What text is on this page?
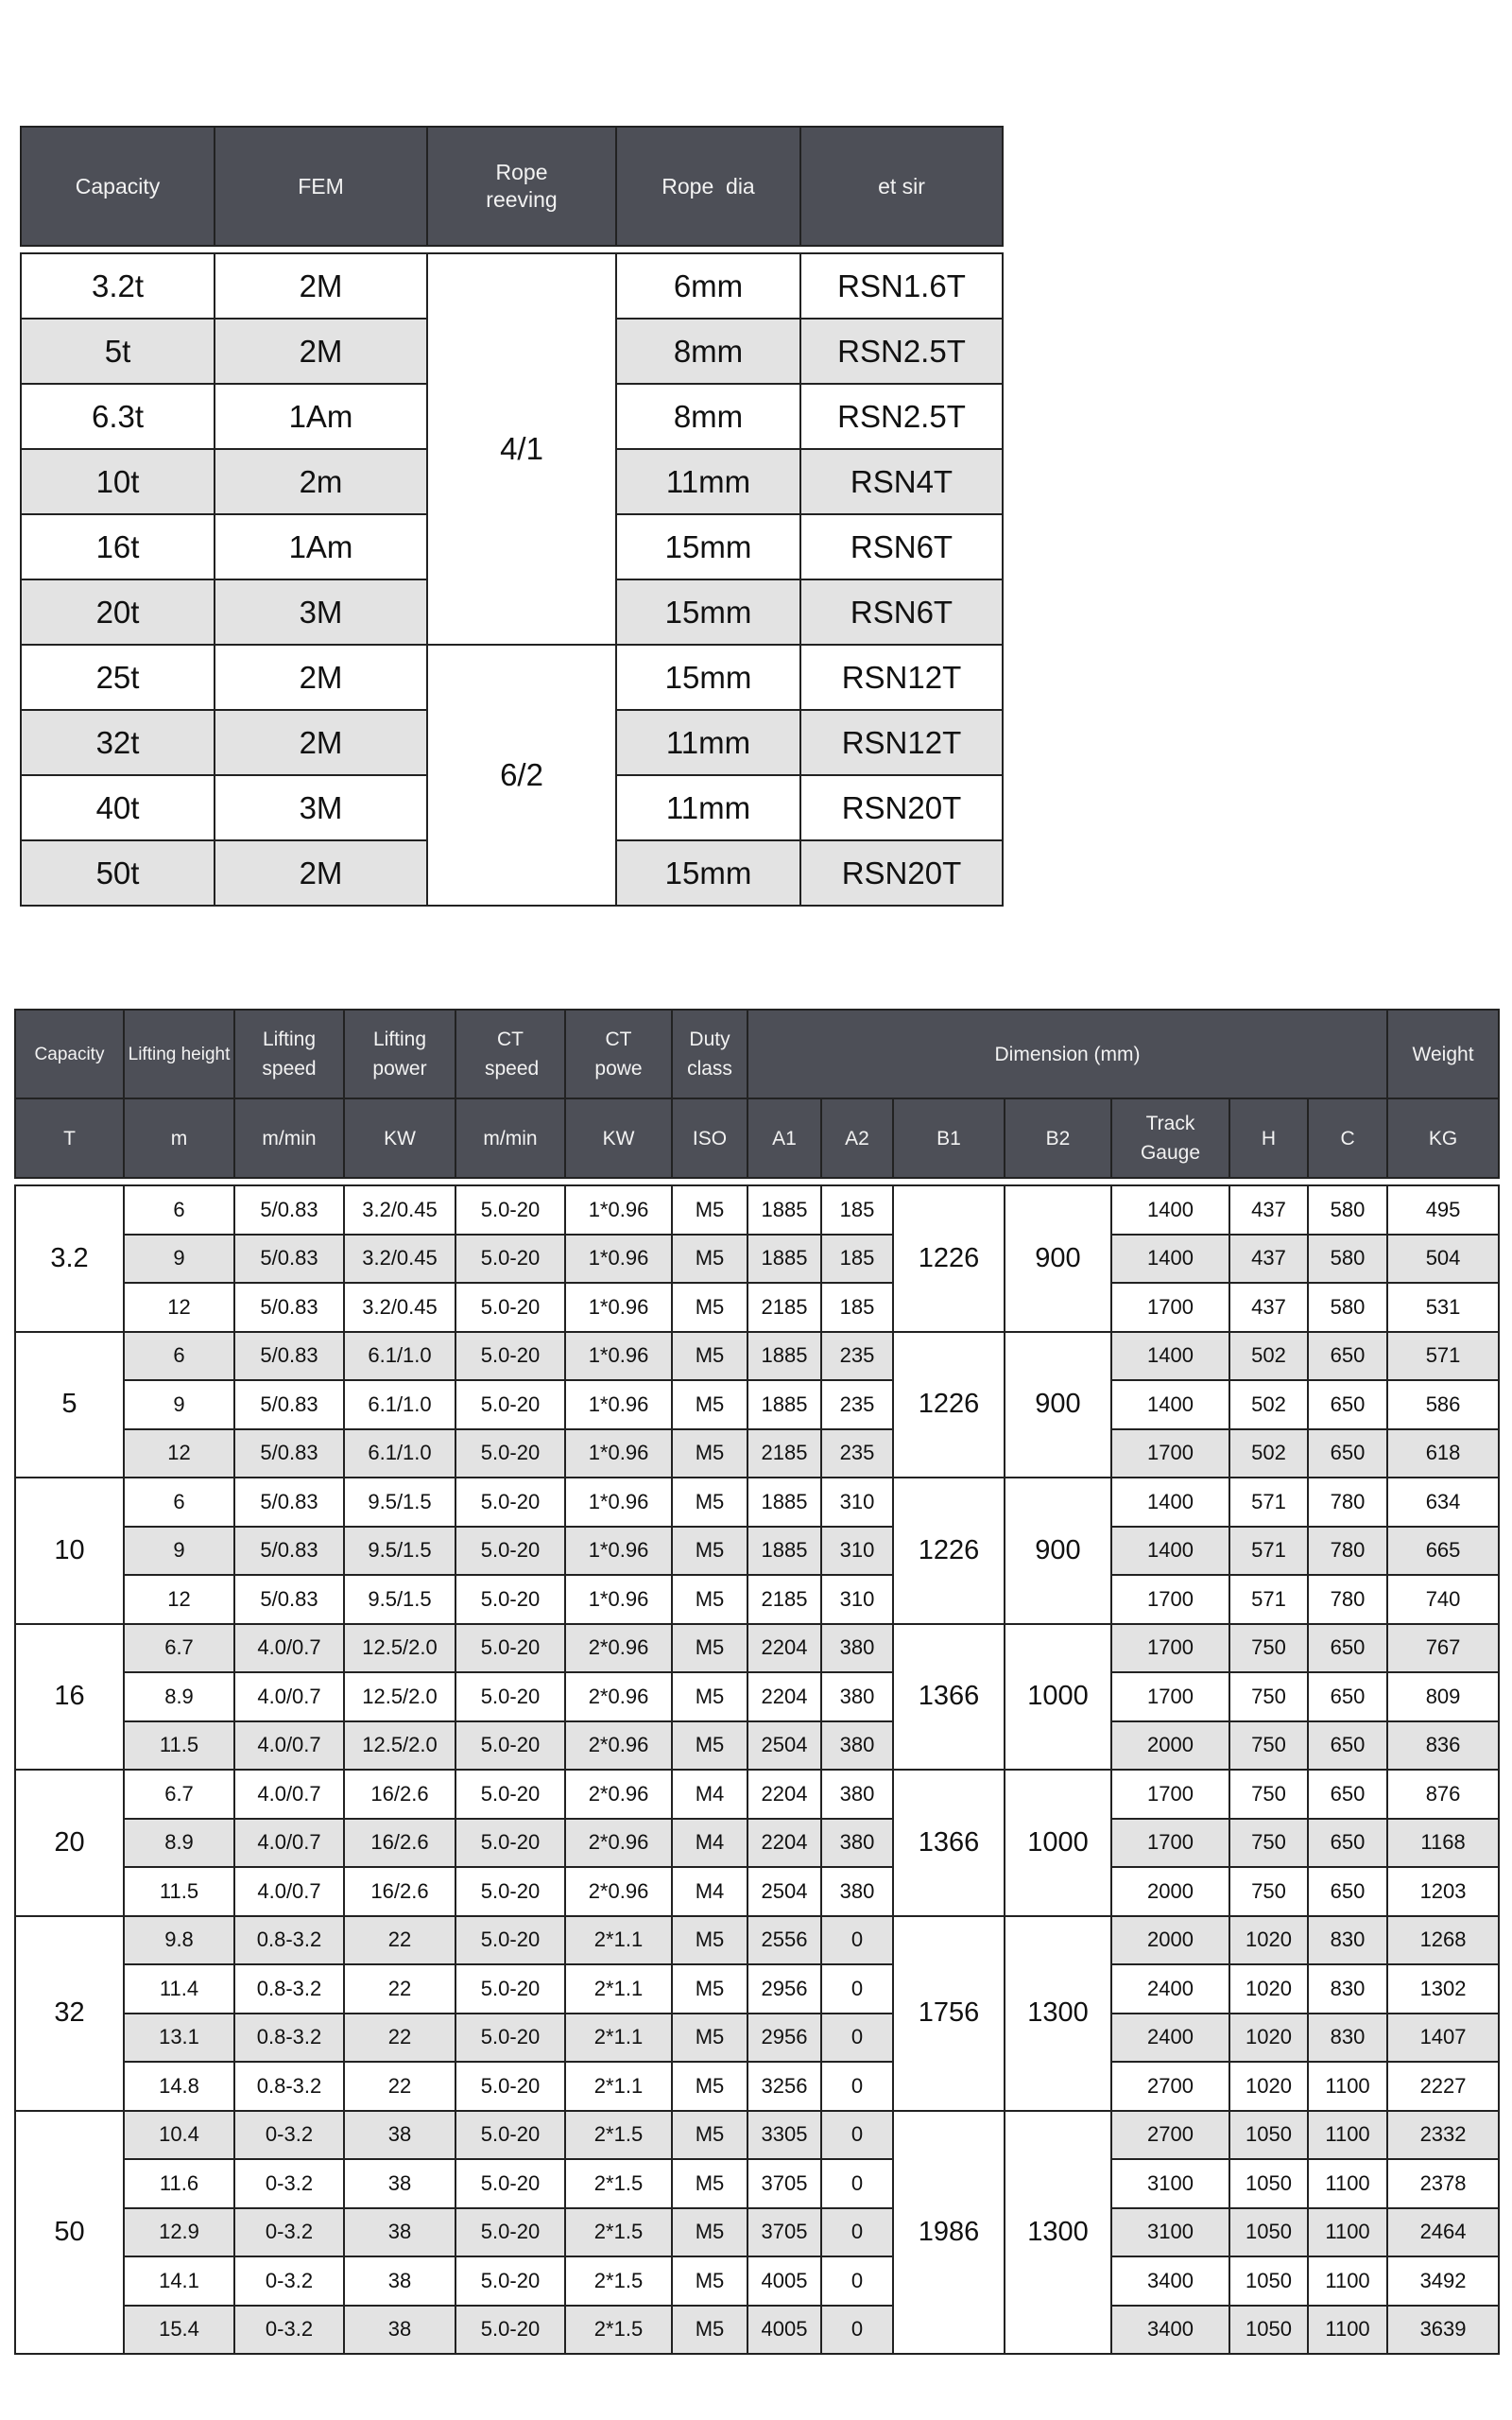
Capacity	FEM	Rope reeving	Rope  dia	et sir

3.2t	2M	4/1	6mm	RSN1.6T
5t	2M		8mm	RSN2.5T
6.3t	1Am		8mm	RSN2.5T
10t	2m		11mm	RSN4T
16t	1Am		15mm	RSN6T
20t	3M		15mm	RSN6T
25t	2M	6/2	15mm	RSN12T
32t	2M		11mm	RSN12T
40t	3M		11mm	RSN20T
50t	2M		15mm	RSN20T
Capacity	Lifting height	Lifting speed	Lifting power	CT speed	CT powe	Duty class	Dimension (mm)							Weight
T	m	m/min	KW	m/min	KW	ISO	A1	A2	B1	B2	Track Gauge	H	C	KG

3.2	6	5/0.83	3.2/0.45	5.0-20	1*0.96	M5	1885	185	1226	900	1400	437	580	495
	9	5/0.83	3.2/0.45	5.0-20	1*0.96	M5	1885	185			1400	437	580	504
	12	5/0.83	3.2/0.45	5.0-20	1*0.96	M5	2185	185			1700	437	580	531
5	6	5/0.83	6.1/1.0	5.0-20	1*0.96	M5	1885	235	1226	900	1400	502	650	571
	9	5/0.83	6.1/1.0	5.0-20	1*0.96	M5	1885	235			1400	502	650	586
	12	5/0.83	6.1/1.0	5.0-20	1*0.96	M5	2185	235			1700	502	650	618
10	6	5/0.83	9.5/1.5	5.0-20	1*0.96	M5	1885	310	1226	900	1400	571	780	634
	9	5/0.83	9.5/1.5	5.0-20	1*0.96	M5	1885	310			1400	571	780	665
	12	5/0.83	9.5/1.5	5.0-20	1*0.96	M5	2185	310			1700	571	780	740
16	6.7	4.0/0.7	12.5/2.0	5.0-20	2*0.96	M5	2204	380	1366	1000	1700	750	650	767
	8.9	4.0/0.7	12.5/2.0	5.0-20	2*0.96	M5	2204	380			1700	750	650	809
	11.5	4.0/0.7	12.5/2.0	5.0-20	2*0.96	M5	2504	380			2000	750	650	836
20	6.7	4.0/0.7	16/2.6	5.0-20	2*0.96	M4	2204	380	1366	1000	1700	750	650	876
	8.9	4.0/0.7	16/2.6	5.0-20	2*0.96	M4	2204	380			1700	750	650	1168
	11.5	4.0/0.7	16/2.6	5.0-20	2*0.96	M4	2504	380			2000	750	650	1203
32	9.8	0.8-3.2	22	5.0-20	2*1.1	M5	2556	0	1756	1300	2000	1020	830	1268
	11.4	0.8-3.2	22	5.0-20	2*1.1	M5	2956	0			2400	1020	830	1302
	13.1	0.8-3.2	22	5.0-20	2*1.1	M5	2956	0			2400	1020	830	1407
	14.8	0.8-3.2	22	5.0-20	2*1.1	M5	3256	0			2700	1020	1100	2227
50	10.4	0-3.2	38	5.0-20	2*1.5	M5	3305	0	1986	1300	2700	1050	1100	2332
	11.6	0-3.2	38	5.0-20	2*1.5	M5	3705	0			3100	1050	1100	2378
	12.9	0-3.2	38	5.0-20	2*1.5	M5	3705	0			3100	1050	1100	2464
	14.1	0-3.2	38	5.0-20	2*1.5	M5	4005	0			3400	1050	1100	3492
	15.4	0-3.2	38	5.0-20	2*1.5	M5	4005	0			3400	1050	1100	3639
